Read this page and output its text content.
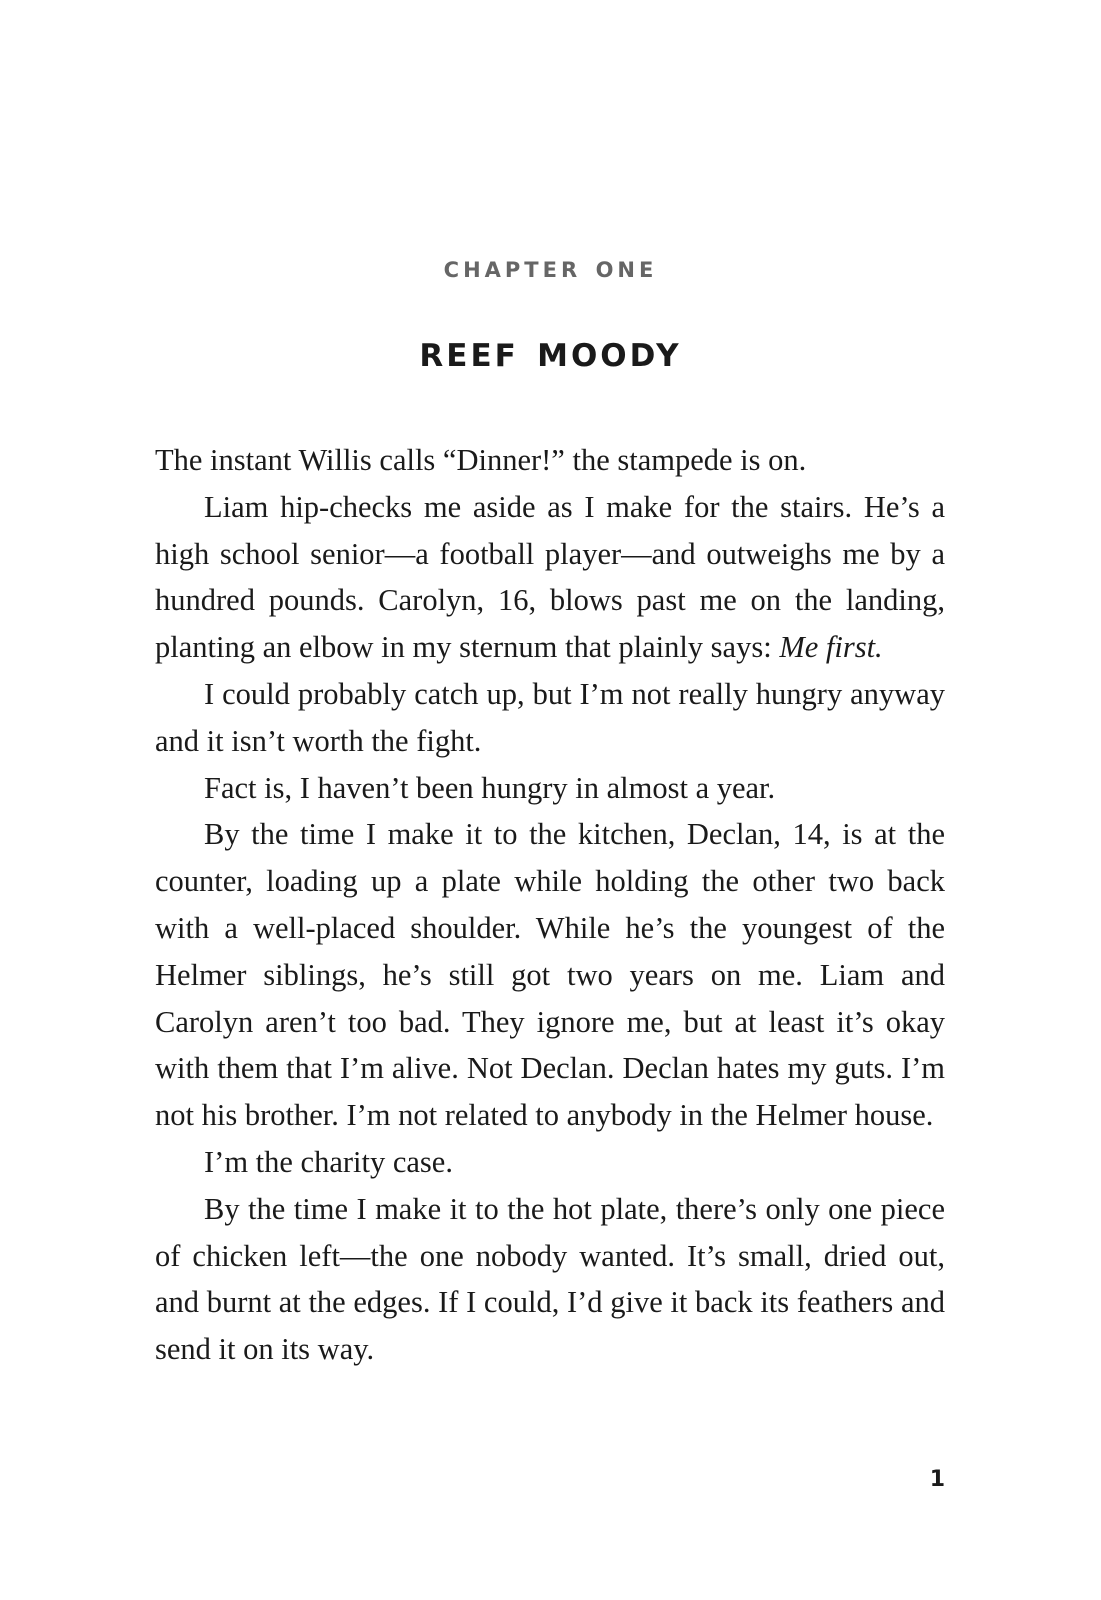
chapter one
reef moody

The instant Willis calls “Dinner!” the stampede is on.

Liam hip-checks me aside as I make for the stairs. He’s a high school senior—a football player—and outweighs me by a hundred pounds. Carolyn, 16, blows past me on the landing, planting an elbow in my sternum that plainly says: Me first.

I could probably catch up, but I’m not really hungry anyway and it isn’t worth the fight.

Fact is, I haven’t been hungry in almost a year.

By the time I make it to the kitchen, Declan, 14, is at the counter, loading up a plate while holding the other two back with a well-placed shoulder. While he’s the youngest of the Helmer siblings, he’s still got two years on me. Liam and Carolyn aren’t too bad. They ignore me, but at least it’s okay with them that I’m alive. Not Declan. Declan hates my guts. I’m not his brother. I’m not related to anybody in the Helmer house.

I’m the charity case.

By the time I make it to the hot plate, there’s only one piece of chicken left—the one nobody wanted. It’s small, dried out, and burnt at the edges. If I could, I’d give it back its feathers and send it on its way.

1
